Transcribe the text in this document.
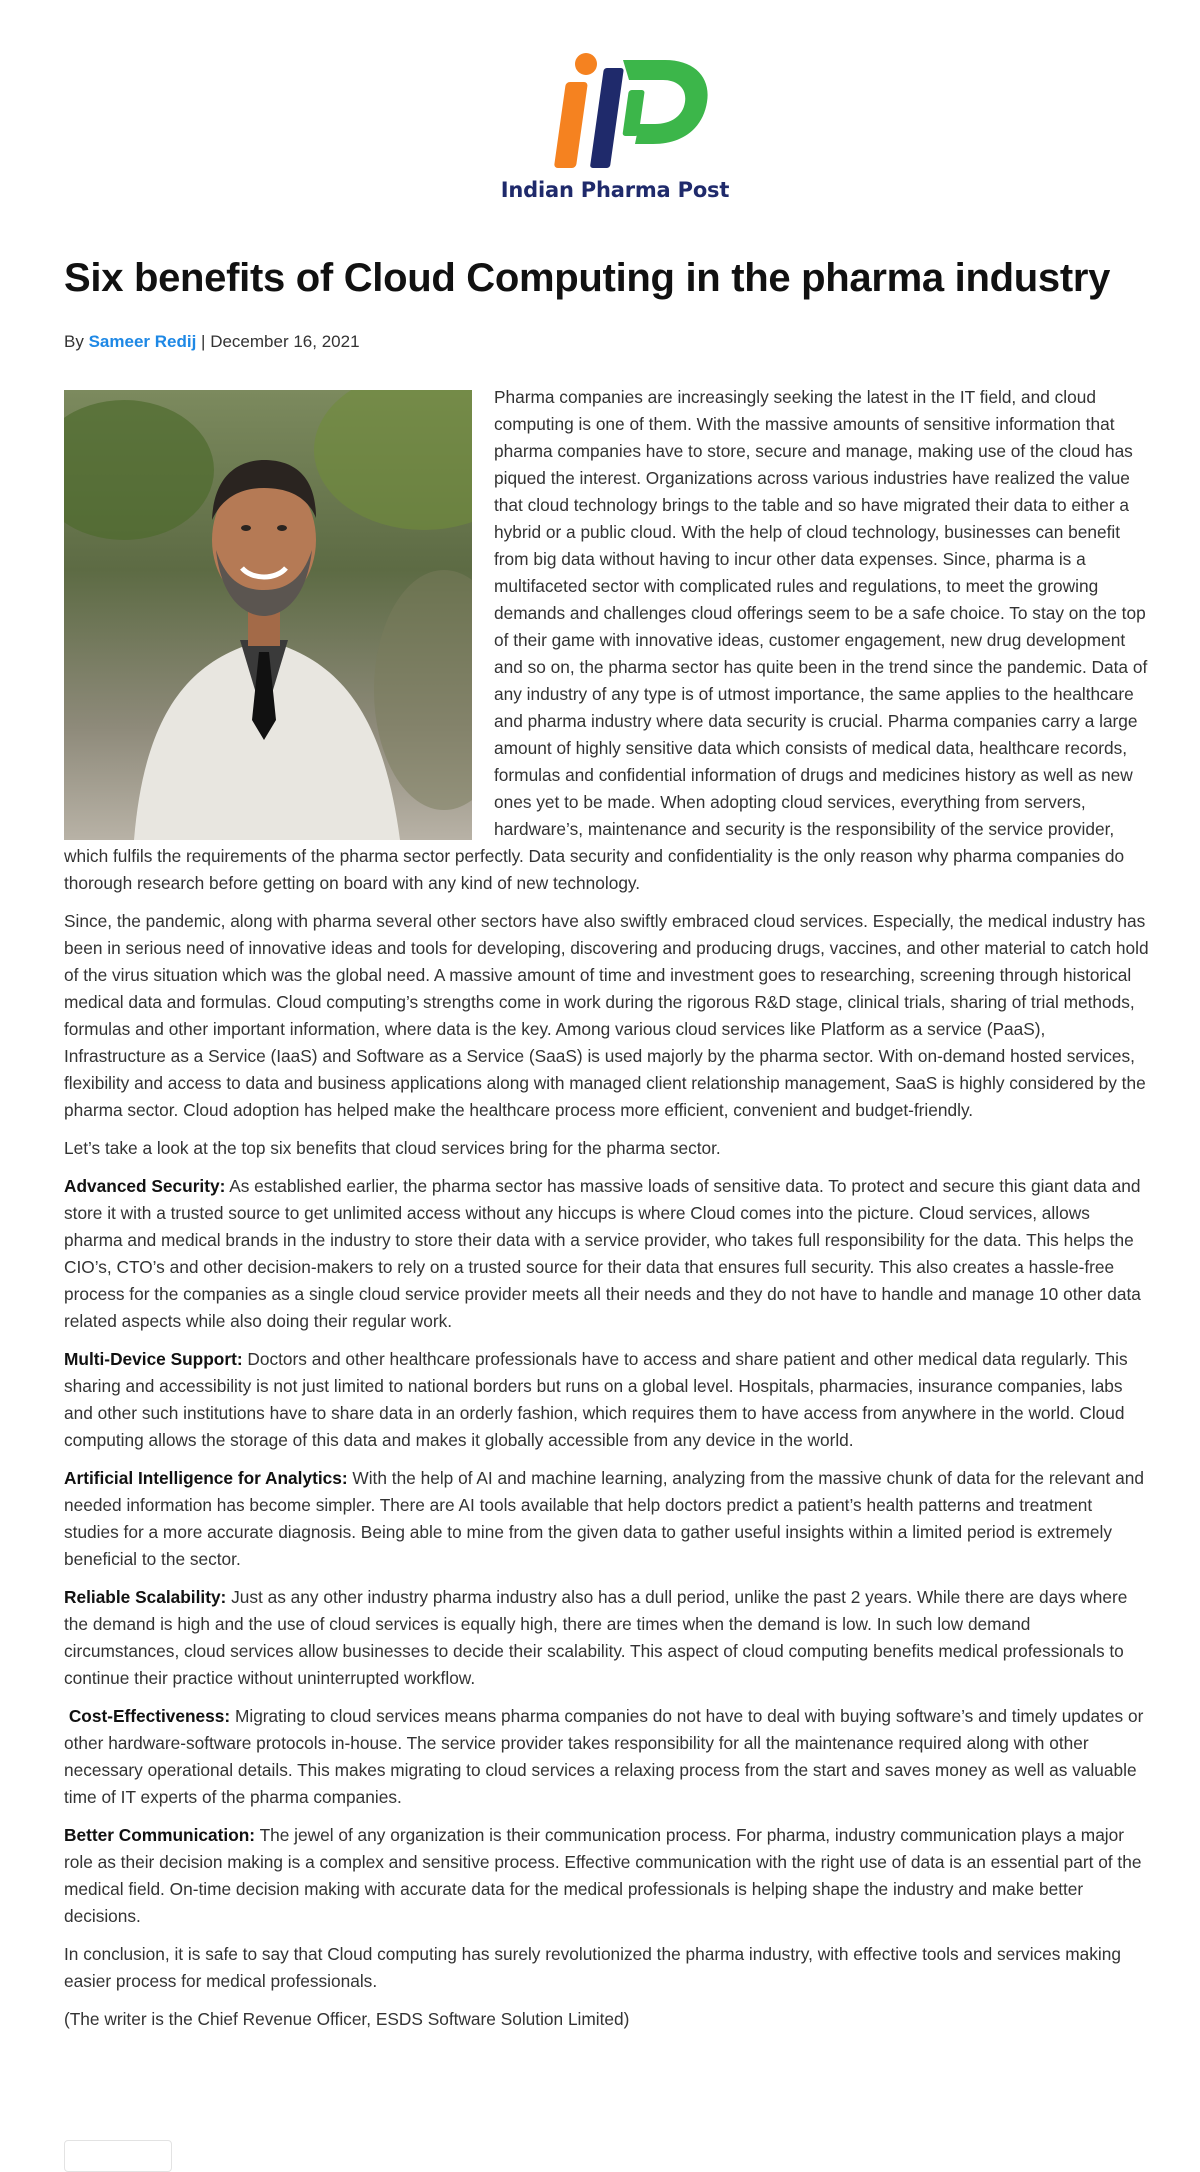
Indian Pharma Post
Six benefits of Cloud Computing in the pharma industry
By Sameer Redij | December 16, 2021

Pharma companies are increasingly seeking the latest in the IT field, and cloud computing is one of them. With the massive amounts of sensitive information that pharma companies have to store, secure and manage, making use of the cloud has piqued the interest. Organizations across various industries have realized the value that cloud technology brings to the table and so have migrated their data to either a hybrid or a public cloud. With the help of cloud technology, businesses can benefit from big data without having to incur other data expenses. Since, pharma is a multifaceted sector with complicated rules and regulations, to meet the growing demands and challenges cloud offerings seem to be a safe choice. To stay on the top of their game with innovative ideas, customer engagement, new drug development and so on, the pharma sector has quite been in the trend since the pandemic. Data of any industry of any type is of utmost importance, the same applies to the healthcare and pharma industry where data security is crucial. Pharma companies carry a large amount of highly sensitive data which consists of medical data, healthcare records, formulas and confidential information of drugs and medicines history as well as new ones yet to be made. When adopting cloud services, everything from servers, hardware’s, maintenance and security is the responsibility of the service provider, which fulfils the requirements of the pharma sector perfectly. Data security and confidentiality is the only reason why pharma companies do thorough research before getting on board with any kind of new technology.

Since, the pandemic, along with pharma several other sectors have also swiftly embraced cloud services. Especially, the medical industry has been in serious need of innovative ideas and tools for developing, discovering and producing drugs, vaccines, and other material to catch hold of the virus situation which was the global need. A massive amount of time and investment goes to researching, screening through historical medical data and formulas. Cloud computing’s strengths come in work during the rigorous R&D stage, clinical trials, sharing of trial methods, formulas and other important information, where data is the key. Among various cloud services like Platform as a service (PaaS), Infrastructure as a Service (IaaS) and Software as a Service (SaaS) is used majorly by the pharma sector. With on-demand hosted services, flexibility and access to data and business applications along with managed client relationship management, SaaS is highly considered by the pharma sector. Cloud adoption has helped make the healthcare process more efficient, convenient and budget-friendly.

Let’s take a look at the top six benefits that cloud services bring for the pharma sector.

Advanced Security: As established earlier, the pharma sector has massive loads of sensitive data. To protect and secure this giant data and store it with a trusted source to get unlimited access without any hiccups is where Cloud comes into the picture. Cloud services, allows pharma and medical brands in the industry to store their data with a service provider, who takes full responsibility for the data. This helps the CIO’s, CTO’s and other decision-makers to rely on a trusted source for their data that ensures full security. This also creates a hassle-free process for the companies as a single cloud service provider meets all their needs and they do not have to handle and manage 10 other data related aspects while also doing their regular work.

Multi-Device Support: Doctors and other healthcare professionals have to access and share patient and other medical data regularly. This sharing and accessibility is not just limited to national borders but runs on a global level. Hospitals, pharmacies, insurance companies, labs and other such institutions have to share data in an orderly fashion, which requires them to have access from anywhere in the world. Cloud computing allows the storage of this data and makes it globally accessible from any device in the world.

Artificial Intelligence for Analytics: With the help of AI and machine learning, analyzing from the massive chunk of data for the relevant and needed information has become simpler. There are AI tools available that help doctors predict a patient’s health patterns and treatment studies for a more accurate diagnosis. Being able to mine from the given data to gather useful insights within a limited period is extremely beneficial to the sector.

Reliable Scalability: Just as any other industry pharma industry also has a dull period, unlike the past 2 years. While there are days where the demand is high and the use of cloud services is equally high, there are times when the demand is low. In such low demand circumstances, cloud services allow businesses to decide their scalability. This aspect of cloud computing benefits medical professionals to continue their practice without uninterrupted workflow.

Cost-Effectiveness: Migrating to cloud services means pharma companies do not have to deal with buying software’s and timely updates or other hardware-software protocols in-house. The service provider takes responsibility for all the maintenance required along with other necessary operational details. This makes migrating to cloud services a relaxing process from the start and saves money as well as valuable time of IT experts of the pharma companies.

Better Communication: The jewel of any organization is their communication process. For pharma, industry communication plays a major role as their decision making is a complex and sensitive process. Effective communication with the right use of data is an essential part of the medical field. On-time decision making with accurate data for the medical professionals is helping shape the industry and make better decisions.

In conclusion, it is safe to say that Cloud computing has surely revolutionized the pharma industry, with effective tools and services making easier process for medical professionals.

(The writer is the Chief Revenue Officer, ESDS Software Solution Limited)
